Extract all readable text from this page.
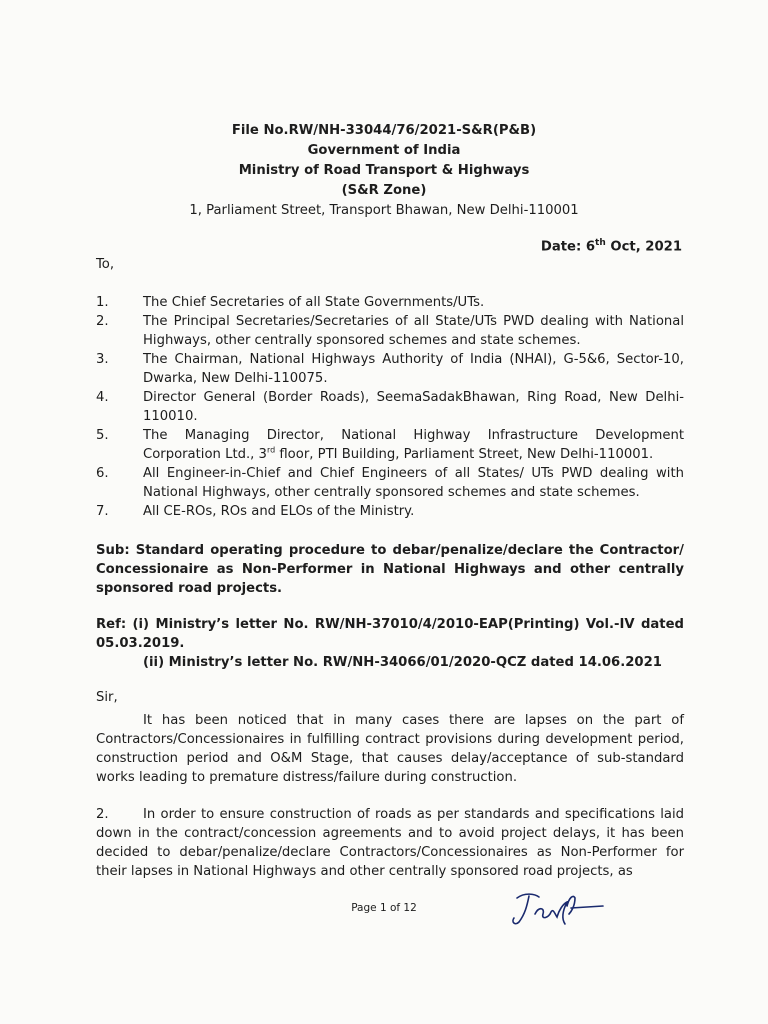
File No.RW/NH-33044/76/2021-S&R(P&B)
Government of India
Ministry of Road Transport & Highways
(S&R Zone)
1, Parliament Street, Transport Bhawan, New Delhi-110001
Date: 6th Oct, 2021
To,
1.	The Chief Secretaries of all State Governments/UTs.
2.	The Principal Secretaries/Secretaries of all State/UTs PWD dealing with National Highways, other centrally sponsored schemes and state schemes.
3.	The Chairman, National Highways Authority of India (NHAI), G-5&6, Sector-10, Dwarka, New Delhi-110075.
4.	Director General (Border Roads), SeemaSadakBhawan, Ring Road, New Delhi-110010.
5.	The Managing Director, National Highway Infrastructure Development Corporation Ltd., 3rd floor, PTI Building, Parliament Street, New Delhi-110001.
6.	All Engineer-in-Chief and Chief Engineers of all States/ UTs PWD dealing with National Highways, other centrally sponsored schemes and state schemes.
7.	All CE-ROs, ROs and ELOs of the Ministry.
Sub: Standard operating procedure to debar/penalize/declare the Contractor/ Concessionaire as Non-Performer in National Highways and other centrally sponsored road projects.
Ref: (i) Ministry’s letter No. RW/NH-37010/4/2010-EAP(Printing) Vol.-IV dated 05.03.2019.
(ii) Ministry’s letter No. RW/NH-34066/01/2020-QCZ dated 14.06.2021
Sir,
It has been noticed that in many cases there are lapses on the part of Contractors/Concessionaires in fulfilling contract provisions during development period, construction period and O&M Stage, that causes delay/acceptance of sub-standard works leading to premature distress/failure during construction.
2.	In order to ensure construction of roads as per standards and specifications laid down in the contract/concession agreements and to avoid project delays, it has been decided to debar/penalize/declare Contractors/Concessionaires as Non-Performer for their lapses in National Highways and other centrally sponsored road projects, as
Page 1 of 12
